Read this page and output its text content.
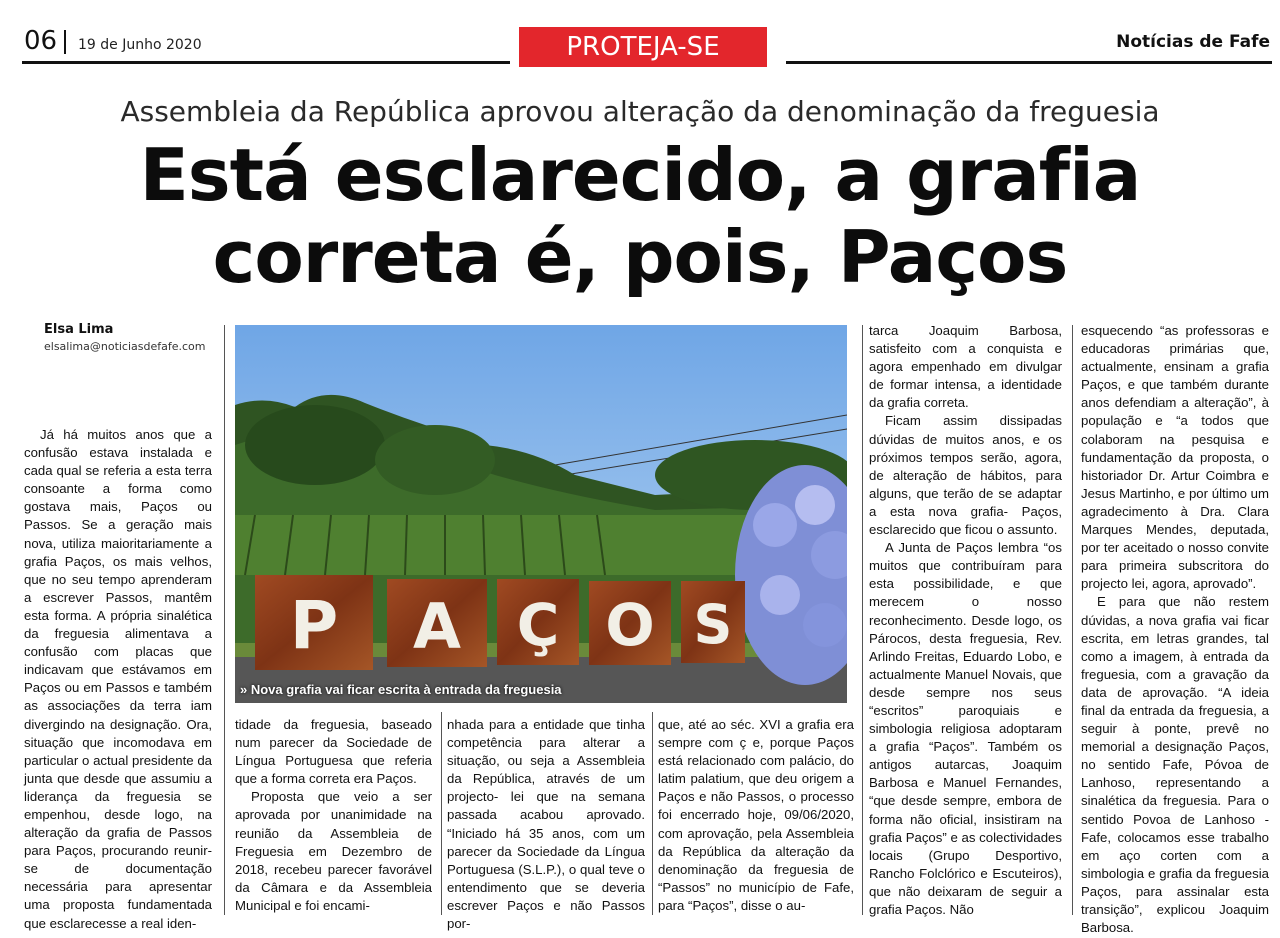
06 19 de Junho 2020	PROTEJA-SE	Notícias de Fafe
Assembleia da República aprovou alteração da denominação da freguesia
Está esclarecido, a grafia
correta é, pois, Paços
Elsa Lima
elsalima@noticiasdefafe.com
P A Ç O S
» Nova grafia vai ficar escrita à entrada da freguesia

Já há muitos anos que a confusão estava instalada e cada qual se referia a esta terra consoante a forma como gostava mais, Paços ou Passos. Se a geração mais nova, utiliza maioritariamente a grafia Paços, os mais velhos, que no seu tempo aprenderam a escrever Passos, mantêm esta forma. A própria sinalética da freguesia alimentava a confusão com placas que indicavam que estávamos em Paços ou em Passos e também as associações da terra iam divergindo na designação. Ora, situação que incomodava em particular o actual presidente da junta que desde que assumiu a liderança da freguesia se empenhou, desde logo, na alteração da grafia de Passos para Paços, procurando reunir-se de documentação necessária para apresentar uma proposta fundamentada que esclarecesse a real iden-

tidade da freguesia, baseado num parecer da Sociedade de Língua Portuguesa que referia que a forma correta era Paços.

Proposta que veio a ser aprovada por unanimidade na reunião da Assembleia de Freguesia em Dezembro de 2018, recebeu parecer favorável da Câmara e da Assembleia Municipal e foi encami-

nhada para a entidade que tinha competência para alterar a situação, ou seja a Assembleia da República, através de um projecto- lei que na semana passada acabou aprovado. “Iniciado há 35 anos, com um parecer da Sociedade da Língua Portuguesa (S.L.P.), o qual teve o entendimento que se deveria escrever Paços e não Passos por-

que, até ao séc. XVI a grafia era sempre com ç e, porque Paços está relacionado com palácio, do latim palatium, que deu origem a Paços e não Passos, o processo foi encerrado hoje, 09/06/2020, com aprovação, pela Assembleia da República da alteração da denominação da freguesia de “Passos” no município de Fafe, para “Paços”, disse o au-

tarca Joaquim Barbosa, satisfeito com a conquista e agora empenhado em divulgar de formar intensa, a identidade da grafia correta.

Ficam assim dissipadas dúvidas de muitos anos, e os próximos tempos serão, agora, de alteração de hábitos, para alguns, que terão de se adaptar a esta nova grafia- Paços, esclarecido que ficou o assunto.

A Junta de Paços lembra “os muitos que contribuíram para esta possibilidade, e que merecem o nosso reconhecimento. Desde logo, os Párocos, desta freguesia, Rev. Arlindo Freitas, Eduardo Lobo, e actualmente Manuel Novais, que desde sempre nos seus “escritos” paroquiais e simbologia religiosa adoptaram a grafia “Paços”. Também os antigos autarcas, Joaquim Barbosa e Manuel Fernandes, “que desde sempre, embora de forma não oficial, insistiram na grafia Paços” e as colectividades locais (Grupo Desportivo, Rancho Folclórico e Escuteiros), que não deixaram de seguir a grafia Paços. Não

esquecendo “as professoras e educadoras primárias que, actualmente, ensinam a grafia Paços, e que também durante anos defendiam a alteração”, à população e “a todos que colaboram na pesquisa e fundamentação da proposta, o historiador Dr. Artur Coimbra e Jesus Martinho, e por último um agradecimento à Dra. Clara Marques Mendes, deputada, por ter aceitado o nosso convite para primeira subscritora do projecto lei, agora, aprovado”.

E para que não restem dúvidas, a nova grafia vai ficar escrita, em letras grandes, tal como a imagem, à entrada da freguesia, com a gravação da data de aprovação. “A ideia final da entrada da freguesia, a seguir à ponte, prevê no memorial a designação Paços, no sentido Fafe, Póvoa de Lanhoso, representando a sinalética da freguesia. Para o sentido Povoa de Lanhoso - Fafe, colocamos esse trabalho em aço corten com a simbologia e grafia da freguesia Paços, para assinalar esta transição”, explicou Joaquim Barbosa.
